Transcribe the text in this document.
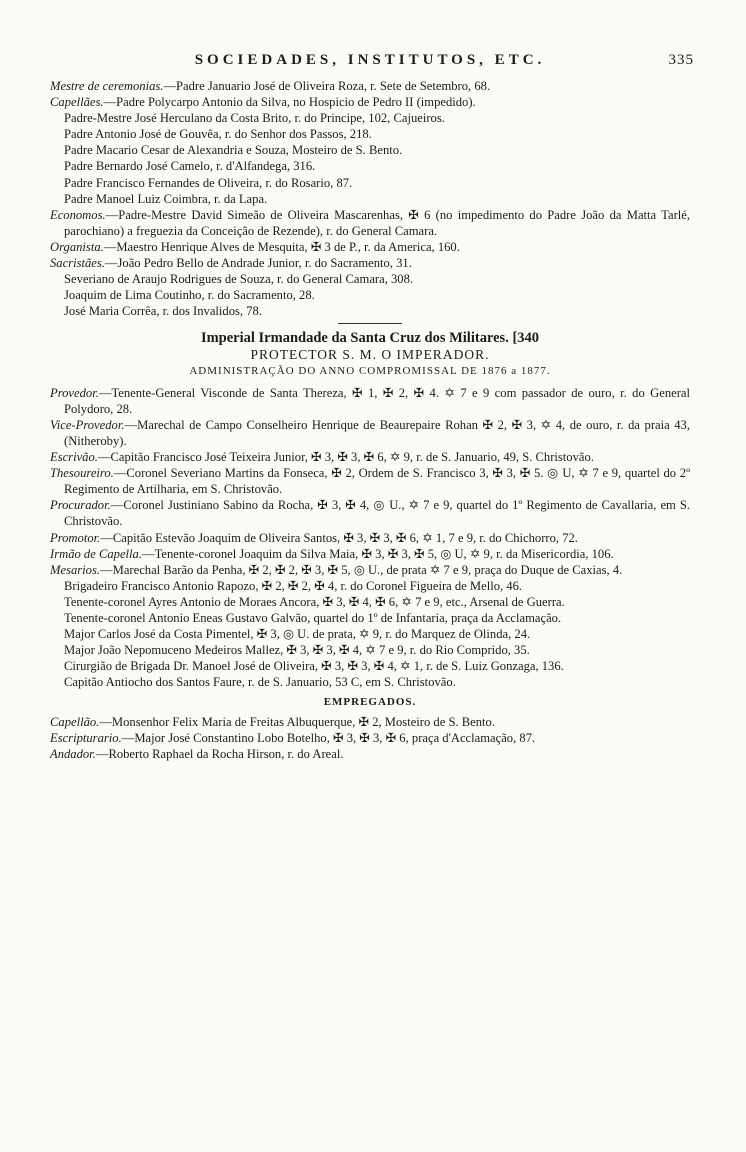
SOCIEDADES, INSTITUTOS, ETC.	335

Mestre de ceremonias.—Padre Januario José de Oliveira Roza, r. Sete de Setembro, 68.

Capellães.—Padre Polycarpo Antonio da Silva, no Hospicio de Pedro II (impedido).

Padre-Mestre José Herculano da Costa Brito, r. do Principe, 102, Cajueiros.

Padre Antonio José de Gouvêa, r. do Senhor dos Passos, 218.

Padre Macario Cesar de Alexandria e Souza, Mosteiro de S. Bento.

Padre Bernardo José Camelo, r. d'Alfandega, 316.

Padre Francisco Fernandes de Oliveira, r. do Rosario, 87.

Padre Manoel Luiz Coimbra, r. da Lapa.

Economos.—Padre-Mestre David Simeão de Oliveira Mascarenhas, ✠ 6 (no impedimento do Padre João da Matta Tarlé, parochiano) a freguezia da Conceição de Rezende), r. do General Camara.

Organista.—Maestro Henrique Alves de Mesquita, ✠ 3 de P., r. da America, 160.

Sacristães.—João Pedro Bello de Andrade Junior, r. do Sacramento, 31.

Severiano de Araujo Rodrigues de Souza, r. do General Camara, 308.

Joaquim de Lima Coutinho, r. do Sacramento, 28.

José Maria Corrêa, r. dos Invalidos, 78.

Imperial Irmandade da Santa Cruz dos Militares. [340
PROTECTOR S. M. O IMPERADOR.
ADMINISTRAÇÃO DO ANNO COMPROMISSAL DE 1876 a 1877.

Provedor.—Tenente-General Visconde de Santa Thereza, ✠ 1, ✠ 2, ✠ 4. ✡ 7 e 9 com passador de ouro, r. do General Polydoro, 28.

Vice-Provedor.—Marechal de Campo Conselheiro Henrique de Beaurepaire Rohan ✠ 2, ✠ 3, ✡ 4, de ouro, r. da praia 43, (Nitheroby).

Escrivão.—Capitão Francisco José Teixeira Junior, ✠ 3, ✠ 3, ✠ 6, ✡ 9, r. de S. Januario, 49, S. Christovão.

Thesoureiro.—Coronel Severiano Martins da Fonseca, ✠ 2, Ordem de S. Francisco 3, ✠ 3, ✠ 5. ◎ U, ✡ 7 e 9, quartel do 2º Regimento de Artilharia, em S. Christovão.

Procurador.—Coronel Justiniano Sabino da Rocha, ✠ 3, ✠ 4, ◎ U., ✡ 7 e 9, quartel do 1º Regimento de Cavallaria, em S. Christovão.

Promotor.—Capitão Estevão Joaquim de Oliveira Santos, ✠ 3, ✠ 3, ✠ 6, ✡ 1, 7 e 9, r. do Chichorro, 72.

Irmão de Capella.—Tenente-coronel Joaquim da Silva Maia, ✠ 3, ✠ 3, ✠ 5, ◎ U, ✡ 9, r. da Misericordia, 106.

Mesarios.—Marechal Barão da Penha, ✠ 2, ✠ 2, ✠ 3, ✠ 5, ◎ U., de prata ✡ 7 e 9, praça do Duque de Caxias, 4.

Brigadeiro Francisco Antonio Rapozo, ✠ 2, ✠ 2, ✠ 4, r. do Coronel Figueira de Mello, 46.

Tenente-coronel Ayres Antonio de Moraes Ancora, ✠ 3, ✠ 4, ✠ 6, ✡ 7 e 9, etc., Arsenal de Guerra.

Tenente-coronel Antonio Eneas Gustavo Galvão, quartel do 1º de Infantaria, praça da Acclamação.

Major Carlos José da Costa Pimentel, ✠ 3, ◎ U. de prata, ✡ 9, r. do Marquez de Olinda, 24.

Major João Nepomuceno Medeiros Mallez, ✠ 3, ✠ 3, ✠ 4, ✡ 7 e 9, r. do Rio Comprido, 35.

Cirurgião de Brigada Dr. Manoel José de Oliveira, ✠ 3, ✠ 3, ✠ 4, ✡ 1, r. de S. Luiz Gonzaga, 136.

Capitão Antiocho dos Santos Faure, r. de S. Januario, 53 C, em S. Christovão.

EMPREGADOS.

Capellão.—Monsenhor Felix Maria de Freitas Albuquerque, ✠ 2, Mosteiro de S. Bento.

Escripturario.—Major José Constantino Lobo Botelho, ✠ 3, ✠ 3, ✠ 6, praça d'Acclamação, 87.

Andador.—Roberto Raphael da Rocha Hirson, r. do Areal.
